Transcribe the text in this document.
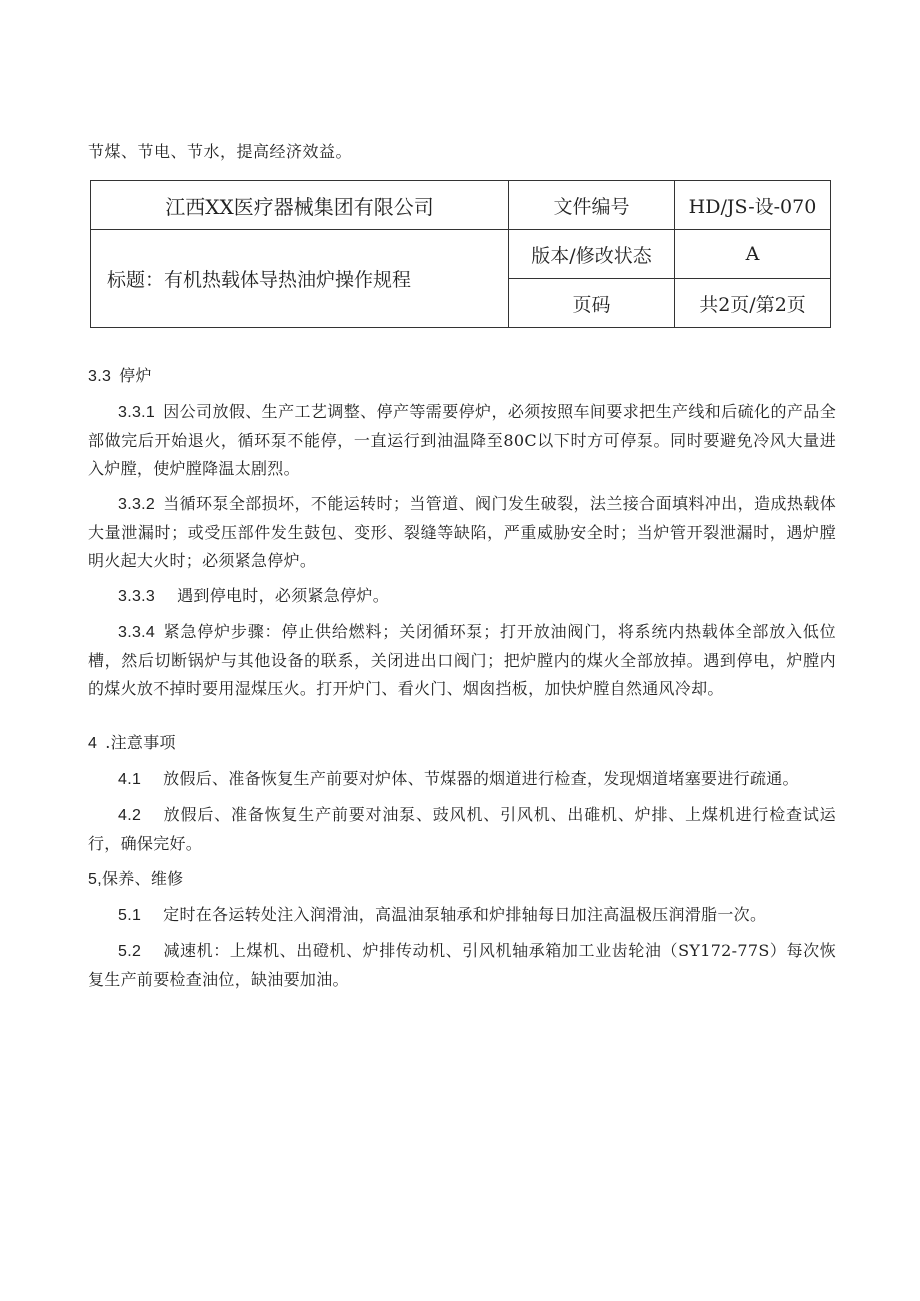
节煤、节电、节水，提高经济效益。
江西XX医疗器械集团有限公司	文件编号	HD/JS-设-070
标题：有机热载体导热油炉操作规程	版本/修改状态	A
	页码	共2页/第2页

3.3 停炉

3.3.1 因公司放假、生产工艺调整、停产等需要停炉，必须按照车间要求把生产线和后硫化的产品全部做完后开始退火，循环泵不能停，一直运行到油温降至80C以下时方可停泵。同时要避免冷风大量进入炉膛，使炉膛降温太剧烈。

3.3.2 当循环泵全部损坏，不能运转时；当管道、阀门发生破裂，法兰接合面填料冲出，造成热载体大量泄漏时；或受压部件发生鼓包、变形、裂缝等缺陷，严重威胁安全时；当炉管开裂泄漏时，遇炉膛明火起大火时；必须紧急停炉。

3.3.3 遇到停电时，必须紧急停炉。

3.3.4 紧急停炉步骤：停止供给燃料；关闭循环泵；打开放油阀门，将系统内热载体全部放入低位槽，然后切断锅炉与其他设备的联系，关闭进出口阀门；把炉膛内的煤火全部放掉。遇到停电，炉膛内的煤火放不掉时要用湿煤压火。打开炉门、看火门、烟囱挡板，加快炉膛自然通风冷却。

4 .注意事项

4.1 放假后、准备恢复生产前要对炉体、节煤器的烟道进行检查，发现烟道堵塞要进行疏通。

4.2 放假后、准备恢复生产前要对油泵、豉风机、引风机、出碓机、炉排、上煤机进行检查试运行，确保完好。

5,保养、维修

5.1 定时在各运转处注入润滑油，高温油泵轴承和炉排轴每日加注高温极压润滑脂一次。

5.2 减速机：上煤机、出磴机、炉排传动机、引风机轴承箱加工业齿轮油（SY172-77S）每次恢复生产前要检查油位，缺油要加油。
